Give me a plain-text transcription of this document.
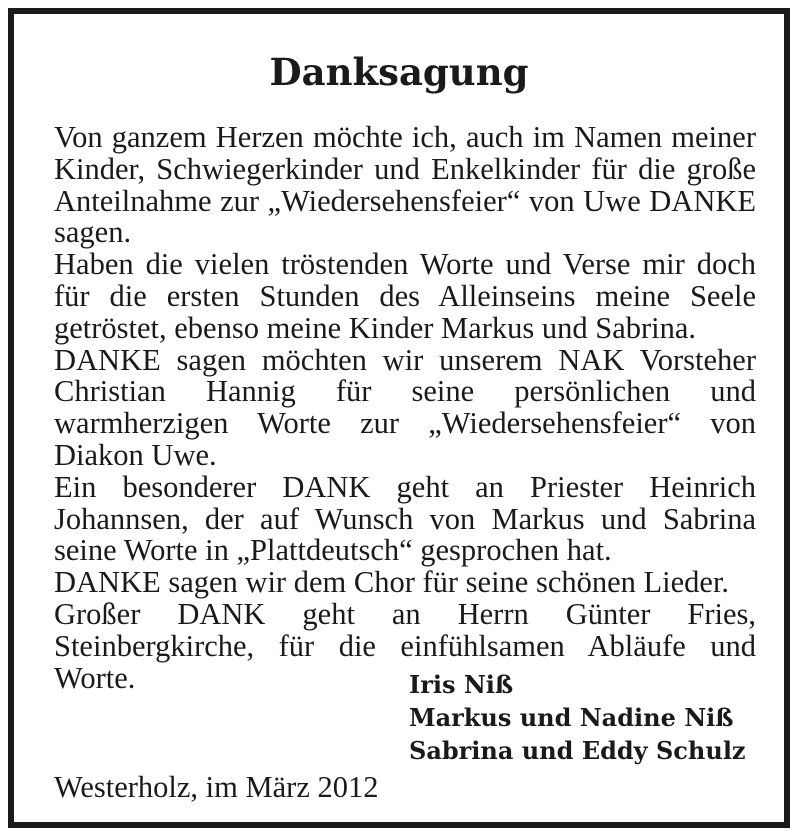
Danksagung

Von ganzem Herzen möchte ich, auch im Namen meiner Kinder, Schwiegerkinder und Enkelkinder für die große Anteilnahme zur „Wiedersehensfeier“ von Uwe DANKE sagen.

Haben die vielen tröstenden Worte und Verse mir doch für die ersten Stunden des Alleinseins meine Seele getröstet, ebenso meine Kinder Markus und Sabrina.

DANKE sagen möchten wir unserem NAK Vorsteher Christian Hannig für seine persönlichen und warmherzigen Worte zur „Wiedersehensfeier“ von Diakon Uwe.

Ein besonderer DANK geht an Priester Heinrich Johannsen, der auf Wunsch von Markus und Sabrina seine Worte in „Plattdeutsch“ gesprochen hat.

DANKE sagen wir dem Chor für seine schönen Lieder.

Großer DANK geht an Herrn Günter Fries, Steinbergkirche, für die einfühlsamen Abläufe und Worte.	Iris Niß
Markus und Nadine Niß
Sabrina und Eddy Schulz
Westerholz, im März 2012
